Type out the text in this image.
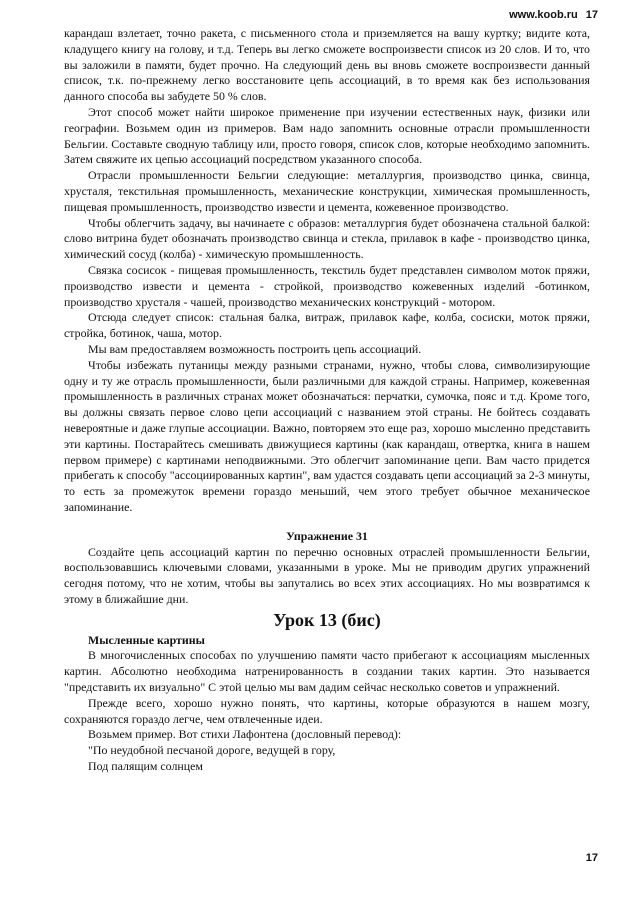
www.koob.ru 17

карандаш взлетает, точно ракета, с письменного стола и приземляется на вашу куртку; видите кота, кладущего книгу на голову, и т.д. Теперь вы легко сможете воспроизвести список из 20 слов. И то, что вы заложили в памяти, будет прочно. На следующий день вы вновь сможете воспроизвести данный список, т.к. по-прежнему легко восстановите цепь ассоциаций, в то время как без использования данного способа вы забудете 50 % слов.

Этот способ может найти широкое применение при изучении естественных наук, физики или географии. Возьмем один из примеров. Вам надо запомнить основные отрасли промышленности Бельгии. Составьте сводную таблицу или, просто говоря, список слов, которые необходимо запомнить. Затем свяжите их цепью ассоциаций посредством указанного способа.

Отрасли промышленности Бельгии следующие: металлургия, производство цинка, свинца, хрусталя, текстильная промышленность, механические конструкции, химическая промышленность, пищевая промышленность, производство извести и цемента, кожевенное производство.

Чтобы облегчить задачу, вы начинаете с образов: металлургия будет обозначена стальной балкой: слово витрина будет обозначать производство свинца и стекла, прилавок в кафе - производство цинка, химический сосуд (колба) - химическую промышленность.

Связка сосисок - пищевая промышленность, текстиль будет представлен символом моток пряжи, производство извести и цемента - стройкой, производство кожевенных изделий -ботинком, производство хрусталя - чашей, производство механических конструкций - мотором.

Отсюда следует список: стальная балка, витраж, прилавок кафе, колба, сосиски, моток пряжи, стройка, ботинок, чаша, мотор.

Мы вам предоставляем возможность построить цепь ассоциаций.

Чтобы избежать путаницы между разными странами, нужно, чтобы слова, символизирующие одну и ту же отрасль промышленности, были различными для каждой страны. Например, кожевенная промышленность в различных странах может обозначаться: перчатки, сумочка, пояс и т.д. Кроме того, вы должны связать первое слово цепи ассоциаций с названием этой страны. Не бойтесь создавать невероятные и даже глупые ассоциации. Важно, повторяем это еще раз, хорошо мысленно представить эти картины. Постарайтесь смешивать движущиеся картины (как карандаш, отвертка, книга в нашем первом примере) с картинами неподвижными. Это облегчит запоминание цепи. Вам часто придется прибегать к способу "ассоциированных картин", вам удастся создавать цепи ассоциаций за 2-3 минуты, то есть за промежуток времени гораздо меньший, чем этого требует обычное механическое запоминание.

Упражнение 31

Создайте цепь ассоциаций картин по перечню основных отраслей промышленности Бельгии, воспользовавшись ключевыми словами, указанными в уроке. Мы не приводим других упражнений сегодня потому, что не хотим, чтобы вы запутались во всех этих ассоциациях. Но мы возвратимся к этому в ближайшие дни.

Урок 13 (бис)

Мысленные картины

В многочисленных способах по улучшению памяти часто прибегают к ассоциациям мысленных картин. Абсолютно необходима натренированность в создании таких картин. Это называется "представить их визуально" С этой целью мы вам дадим сейчас несколько советов и упражнений.

Прежде всего, хорошо нужно понять, что картины, которые образуются в нашем мозгу, сохраняются гораздо легче, чем отвлеченные идеи.

Возьмем пример. Вот стихи Лафонтена (дословный перевод):

"По неудобной песчаной дороге, ведущей в гору,

Под палящим солнцем

17
